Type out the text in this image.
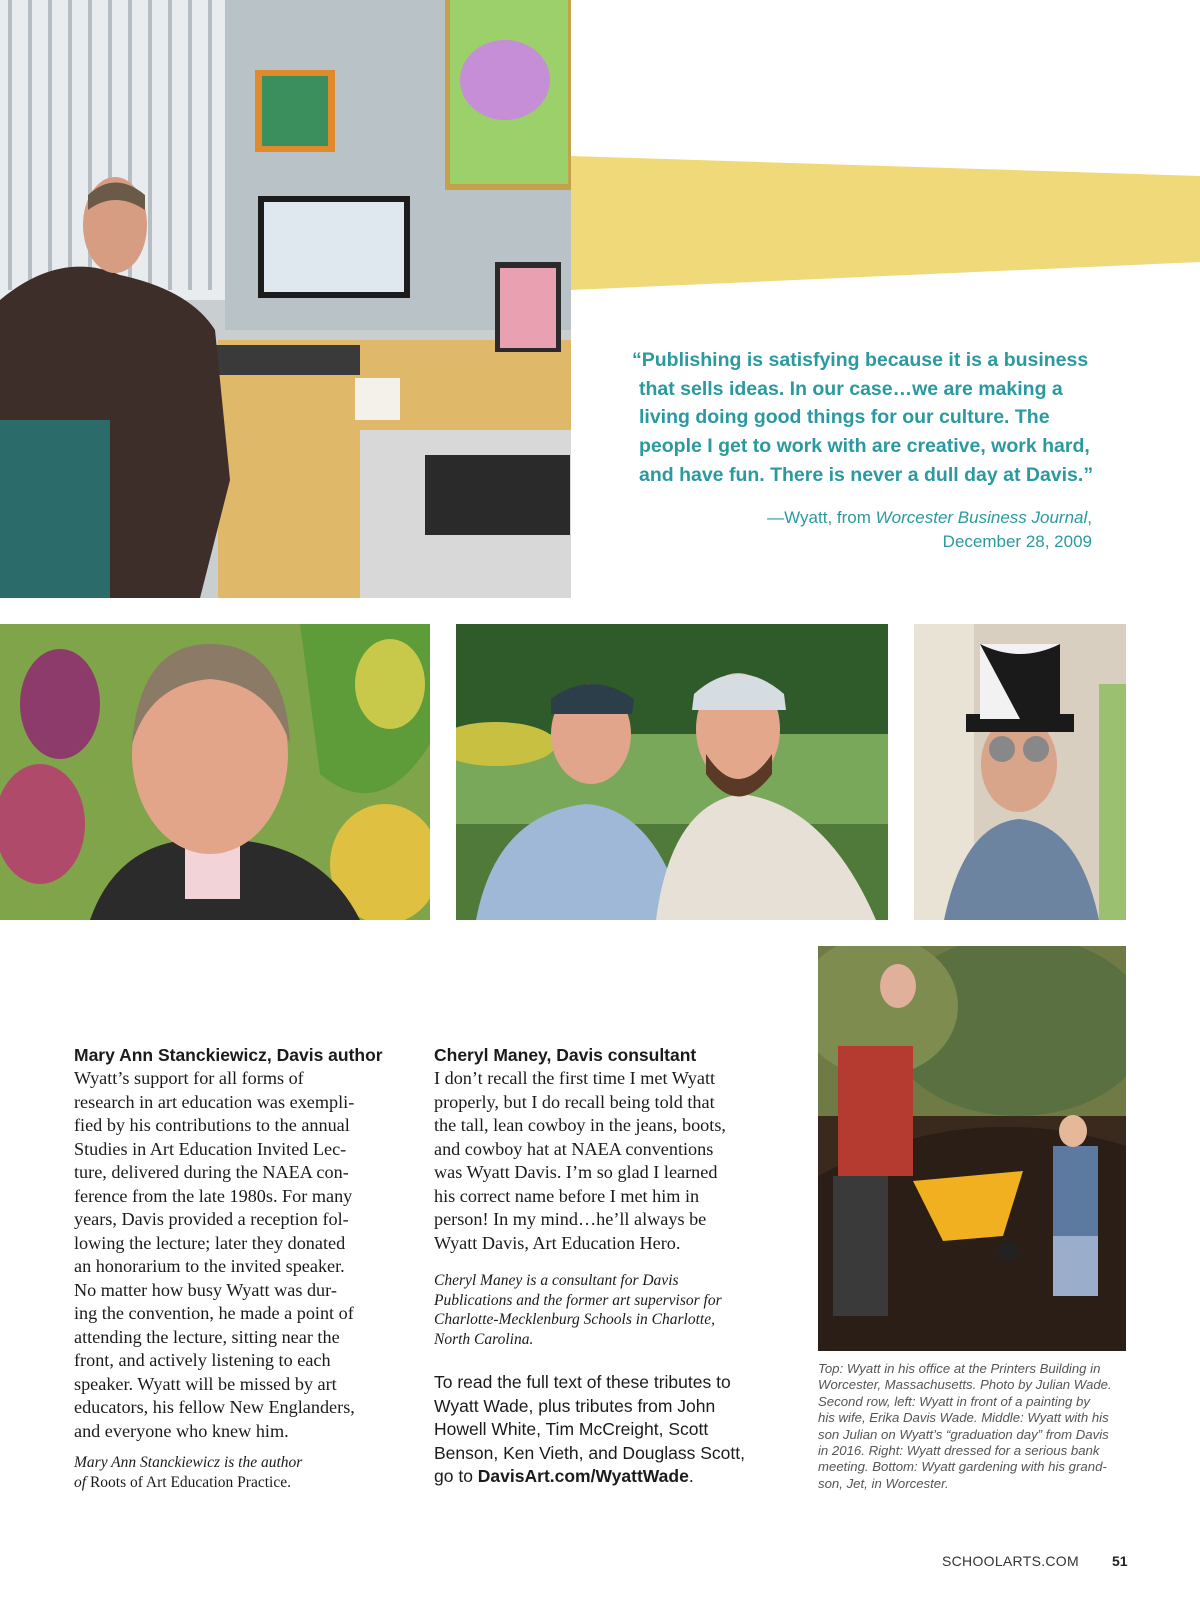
“Publishing is satisfying because it is a business
that sells ideas. In our case…we are making a
living doing good things for our culture. The
people I get to work with are creative, work hard,
and have fun. There is never a dull day at Davis.”
—Wyatt, from Worcester Business Journal,
December 28, 2009
Mary Ann Stanckiewicz, Davis author
Wyatt’s support for all forms of
research in art education was exempli-
fied by his contributions to the annual
Studies in Art Education Invited Lec-
ture, delivered during the NAEA con-
ference from the late 1980s. For many
years, Davis provided a reception fol-
lowing the lecture; later they donated
an honorarium to the invited speaker.
No matter how busy Wyatt was dur-
ing the convention, he made a point of
attending the lecture, sitting near the
front, and actively listening to each
speaker. Wyatt will be missed by art
educators, his fellow New Englanders,
and everyone who knew him.
Mary Ann Stanckiewicz is the author
of Roots of Art Education Practice.
Cheryl Maney, Davis consultant
I don’t recall the first time I met Wyatt
properly, but I do recall being told that
the tall, lean cowboy in the jeans, boots,
and cowboy hat at NAEA conventions
was Wyatt Davis. I’m so glad I learned
his correct name before I met him in
person! In my mind…he’ll always be
Wyatt Davis, Art Education Hero.
Cheryl Maney is a consultant for Davis
Publications and the former art supervisor for
Charlotte-Mecklenburg Schools in Charlotte,
North Carolina.
To read the full text of these tributes to
Wyatt Wade, plus tributes from John
Howell White, Tim McCreight, Scott
Benson, Ken Vieth, and Douglass Scott,
go to DavisArt.com/WyattWade.
Top: Wyatt in his office at the Printers Building in
Worcester, Massachusetts. Photo by Julian Wade.
Second row, left: Wyatt in front of a painting by
his wife, Erika Davis Wade. Middle: Wyatt with his
son Julian on Wyatt’s “graduation day” from Davis
in 2016. Right: Wyatt dressed for a serious bank
meeting. Bottom: Wyatt gardening with his grand-
son, Jet, in Worcester.
SCHOOLARTS.COM 51
